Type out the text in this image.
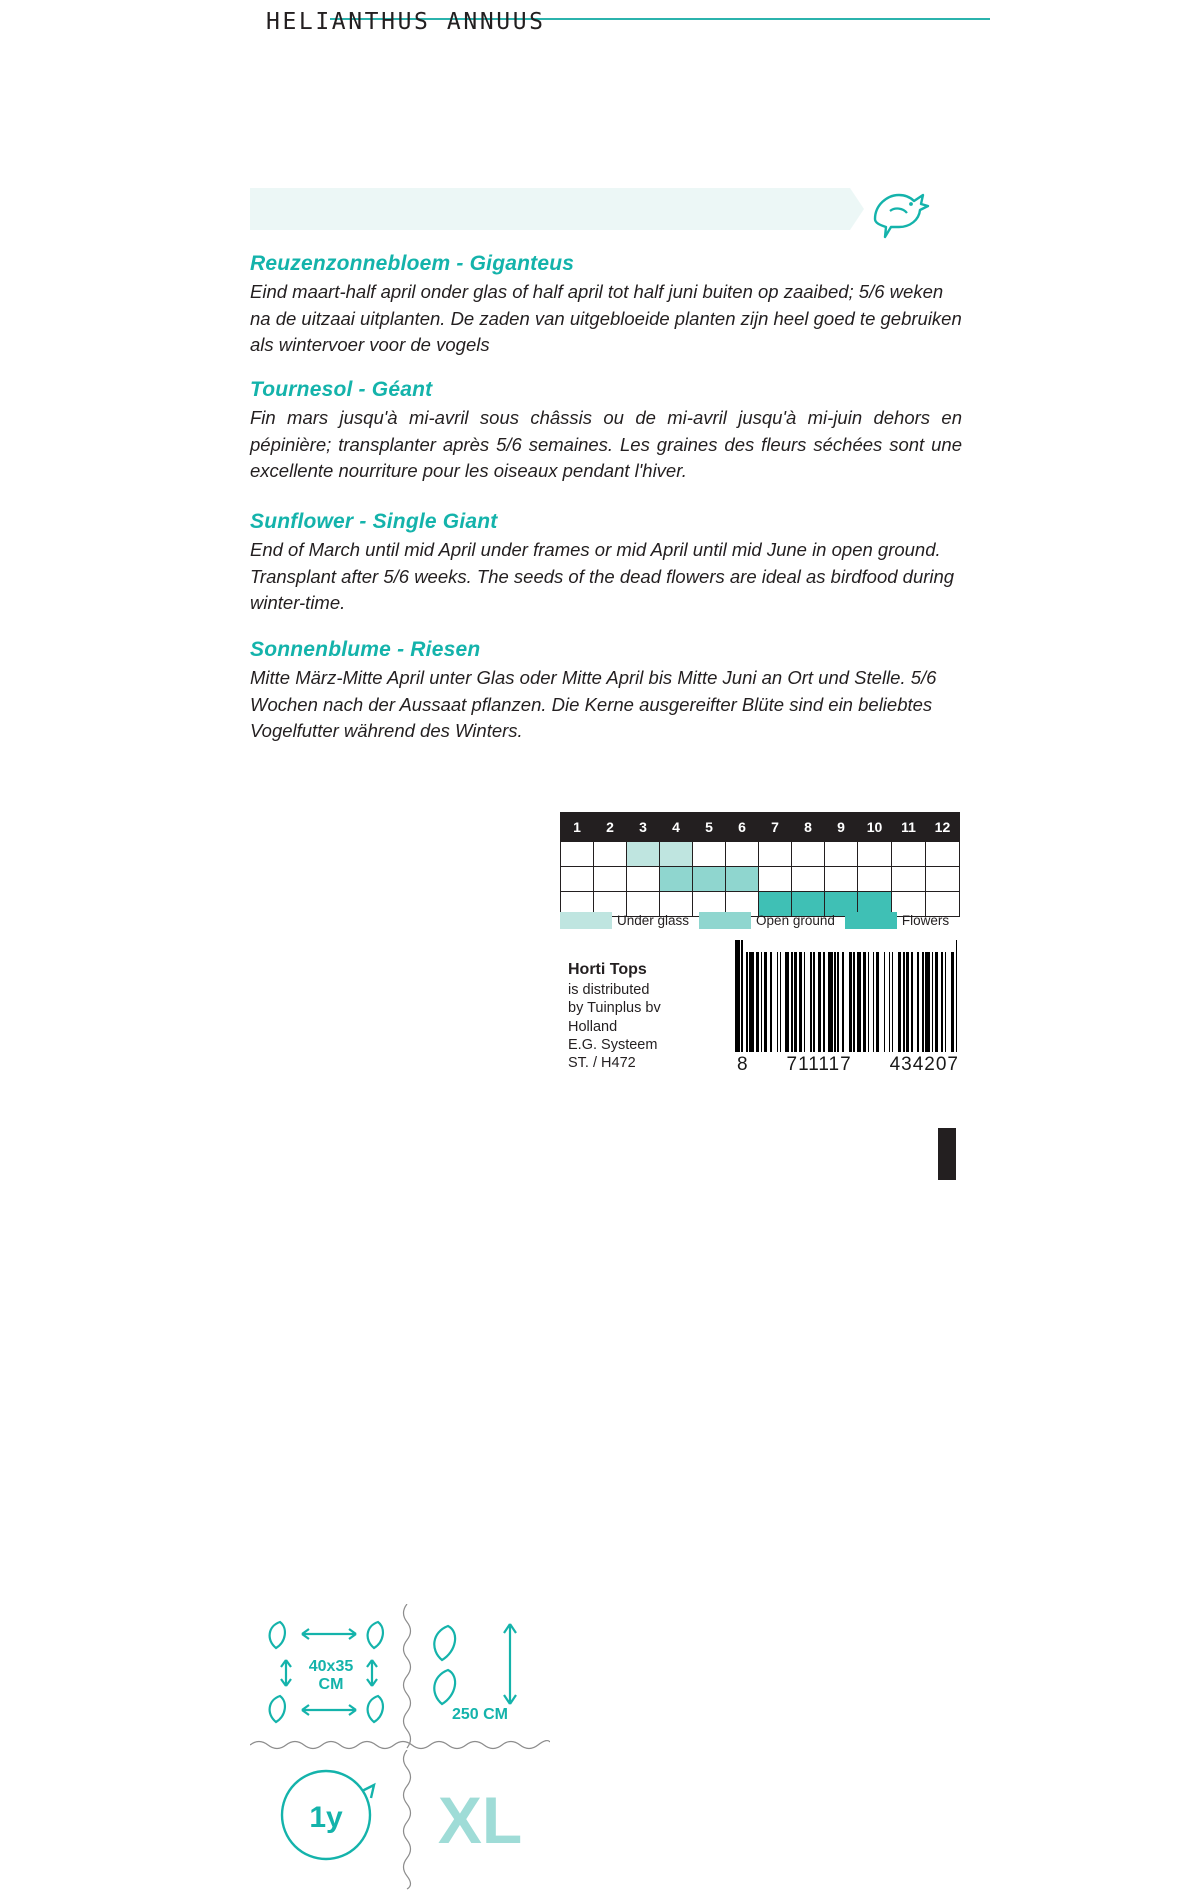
HELIANTHUS ANNUUS
Reuzenzonnebloem - Giganteus

Eind maart-half april onder glas of half april tot half juni buiten op zaaibed; 5/6 weken na de uitzaai uitplanten. De zaden van uitgebloeide planten zijn heel goed te gebruiken als wintervoer voor de vogels

Tournesol - Géant

Fin mars jusqu'à mi-avril sous châssis ou de mi-avril jusqu'à mi-juin dehors en pépinière; transplanter après 5/6 semaines. Les graines des fleurs séchées sont une excellente nourriture pour les oiseaux pendant l'hiver.

Sunflower - Single Giant

End of March until mid April under frames or mid April until mid June in open ground. Transplant after 5/6 weeks. The seeds of the dead flowers are ideal as birdfood during winter-time.

Sonnenblume - Riesen

Mitte März-Mitte April unter Glas oder Mitte April bis Mitte Juni an Ort und Stelle. 5/6 Wochen nach der Aussaat pflanzen. Die Kerne ausgereifter Blüte sind ein beliebtes Vogelfutter während des Winters.

40x35
CM
250 CM
1y XL
1	2	3	4	5	6	7	8	9	10	11	12

Under glass	Open ground	Flowers
Horti Tops
is distributed
by Tuinplus bv
Holland
E.G. Systeem
ST. / H472	8 711117 434207
